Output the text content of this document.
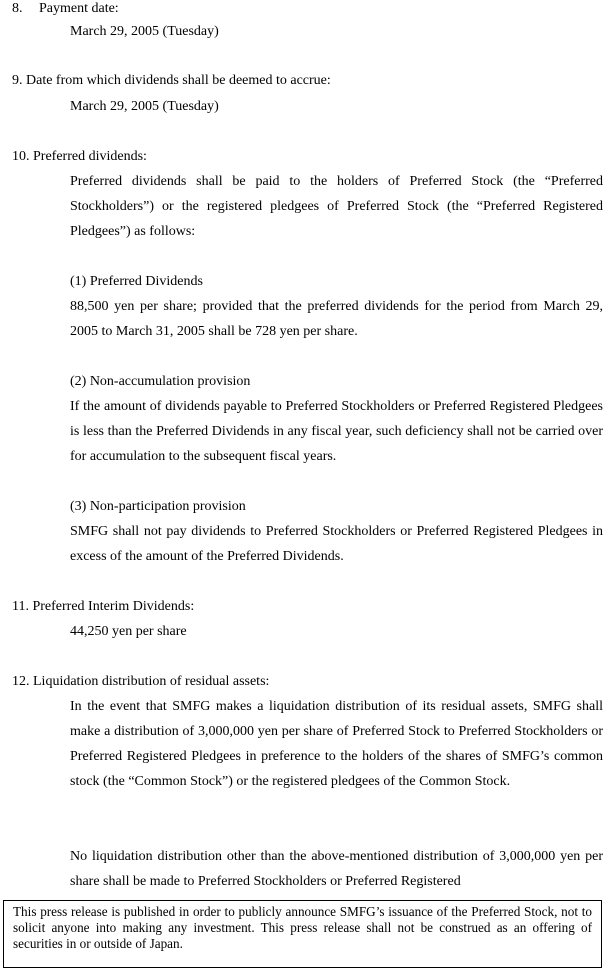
8. Payment date:
March 29, 2005 (Tuesday)
9. Date from which dividends shall be deemed to accrue:
March 29, 2005 (Tuesday)
10. Preferred dividends:
Preferred dividends shall be paid to the holders of Preferred Stock (the “Preferred Stockholders”) or the registered pledgees of Preferred Stock (the “Preferred Registered Pledgees”) as follows:
(1) Preferred Dividends
88,500 yen per share; provided that the preferred dividends for the period from March 29, 2005 to March 31, 2005 shall be 728 yen per share.
(2) Non-accumulation provision
If the amount of dividends payable to Preferred Stockholders or Preferred Registered Pledgees is less than the Preferred Dividends in any fiscal year, such deficiency shall not be carried over for accumulation to the subsequent fiscal years.
(3) Non-participation provision
SMFG shall not pay dividends to Preferred Stockholders or Preferred Registered Pledgees in excess of the amount of the Preferred Dividends.
11. Preferred Interim Dividends:
44,250 yen per share
12. Liquidation distribution of residual assets:
In the event that SMFG makes a liquidation distribution of its residual assets, SMFG shall make a distribution of 3,000,000 yen per share of Preferred Stock to Preferred Stockholders or Preferred Registered Pledgees in preference to the holders of the shares of SMFG’s common stock (the “Common Stock”) or the registered pledgees of the Common Stock.
No liquidation distribution other than the above-mentioned distribution of 3,000,000 yen per share shall be made to Preferred Stockholders or Preferred Registered
This press release is published in order to publicly announce SMFG’s issuance of the Preferred Stock, not to solicit anyone into making any investment. This press release shall not be construed as an offering of securities in or outside of Japan.
